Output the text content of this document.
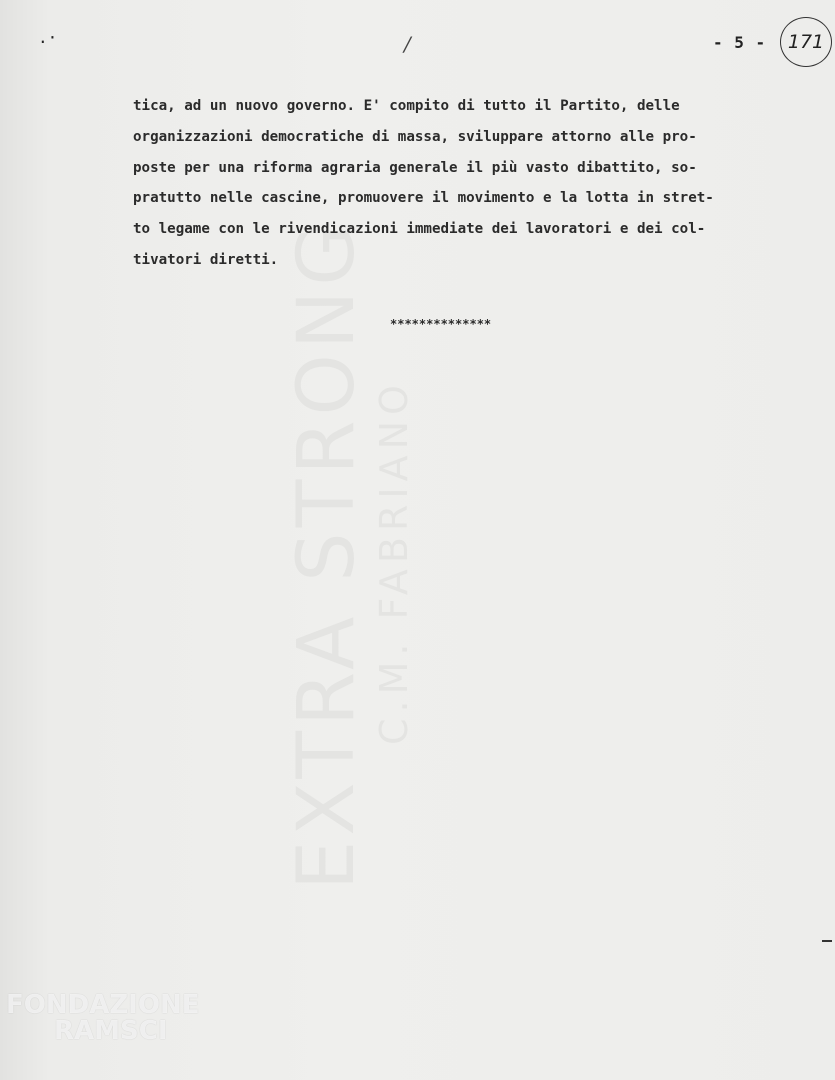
.·	/	- 5 -	171
tica, ad un nuovo governo. E' compito di tutto il Partito, delle
organizzazioni democratiche di massa, sviluppare attorno alle pro-
poste per una riforma agraria generale il più vasto dibattito, so-
pratutto nelle cascine, promuovere il movimento e la lotta in stret-
to legame con le rivendicazioni immediate dei lavoratori e dei col-
tivatori diretti.
**************
FONDAZIONE
RAMSCI
